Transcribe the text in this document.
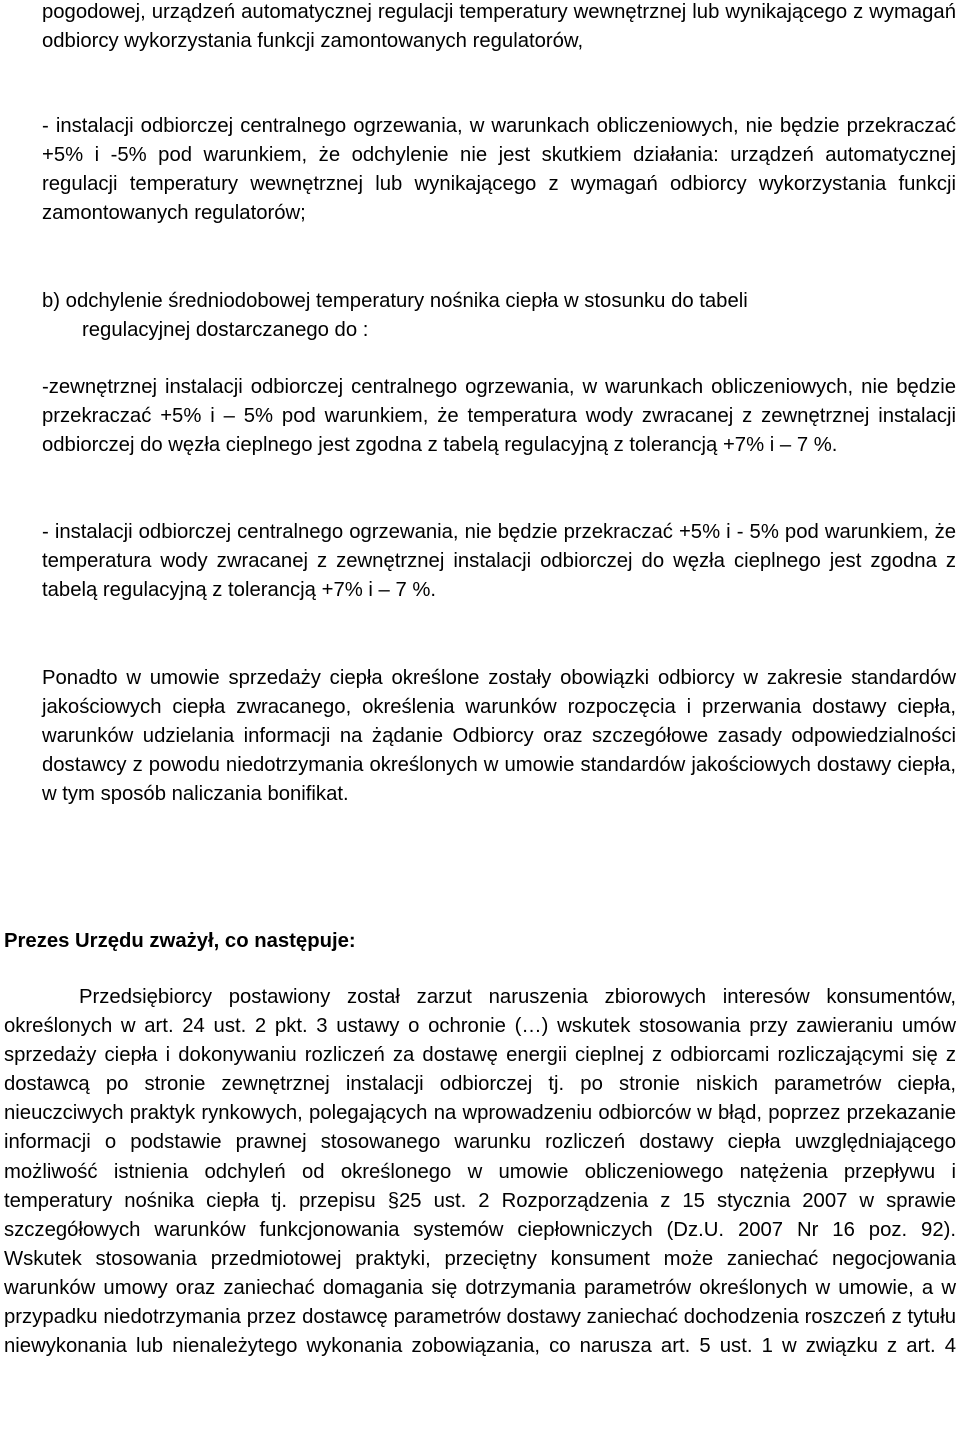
pogodowej, urządzeń automatycznej regulacji temperatury wewnętrznej lub wynikającego z wymagań odbiorcy wykorzystania funkcji zamontowanych regulatorów,

- instalacji odbiorczej centralnego ogrzewania, w warunkach obliczeniowych, nie będzie przekraczać +5% i -5% pod warunkiem, że odchylenie nie jest skutkiem działania: urządzeń automatycznej regulacji temperatury wewnętrznej lub wynikającego z wymagań odbiorcy wykorzystania funkcji zamontowanych regulatorów;

b) odchylenie średniodobowej temperatury nośnika ciepła w stosunku do tabeli
regulacyjnej dostarczanego do :

-zewnętrznej instalacji odbiorczej centralnego ogrzewania, w warunkach obliczeniowych, nie będzie przekraczać +5% i – 5% pod warunkiem, że temperatura wody zwracanej z zewnętrznej instalacji odbiorczej do węzła cieplnego jest zgodna z tabelą regulacyjną z tolerancją +7% i – 7 %.

- instalacji odbiorczej centralnego ogrzewania, nie będzie przekraczać +5% i - 5% pod warunkiem, że temperatura wody zwracanej z zewnętrznej instalacji odbiorczej do węzła cieplnego jest zgodna z tabelą regulacyjną z tolerancją +7% i – 7 %.

Ponadto w umowie sprzedaży ciepła określone zostały obowiązki odbiorcy w zakresie standardów jakościowych ciepła zwracanego, określenia warunków rozpoczęcia i przerwania dostawy ciepła, warunków udzielania informacji na żądanie Odbiorcy oraz szczegółowe zasady odpowiedzialności dostawcy z powodu niedotrzymania określonych w umowie standardów jakościowych dostawy ciepła, w tym sposób naliczania bonifikat.

Prezes Urzędu zważył, co następuje:

Przedsiębiorcy postawiony został zarzut naruszenia zbiorowych interesów konsumentów, określonych w art. 24 ust. 2 pkt. 3 ustawy o ochronie (…) wskutek stosowania przy zawieraniu umów sprzedaży ciepła i dokonywaniu rozliczeń za dostawę energii cieplnej z odbiorcami rozliczającymi się z dostawcą po stronie zewnętrznej instalacji odbiorczej tj. po stronie niskich parametrów ciepła, nieuczciwych praktyk rynkowych, polegających na wprowadzeniu odbiorców w błąd, poprzez przekazanie informacji o podstawie prawnej stosowanego warunku rozliczeń dostawy ciepła uwzględniającego możliwość istnienia odchyleń od określonego w umowie obliczeniowego natężenia przepływu i temperatury nośnika ciepła tj. przepisu §25 ust. 2 Rozporządzenia z 15 stycznia 2007 w sprawie szczegółowych warunków funkcjonowania systemów ciepłowniczych (Dz.U. 2007 Nr 16 poz. 92). Wskutek stosowania przedmiotowej praktyki, przeciętny konsument może zaniechać negocjowania warunków umowy oraz zaniechać domagania się dotrzymania parametrów określonych w umowie, a w przypadku niedotrzymania przez dostawcę parametrów dostawy zaniechać dochodzenia roszczeń z tytułu niewykonania lub nienależytego wykonania zobowiązania, co narusza art. 5 ust. 1 w związku z art. 4
